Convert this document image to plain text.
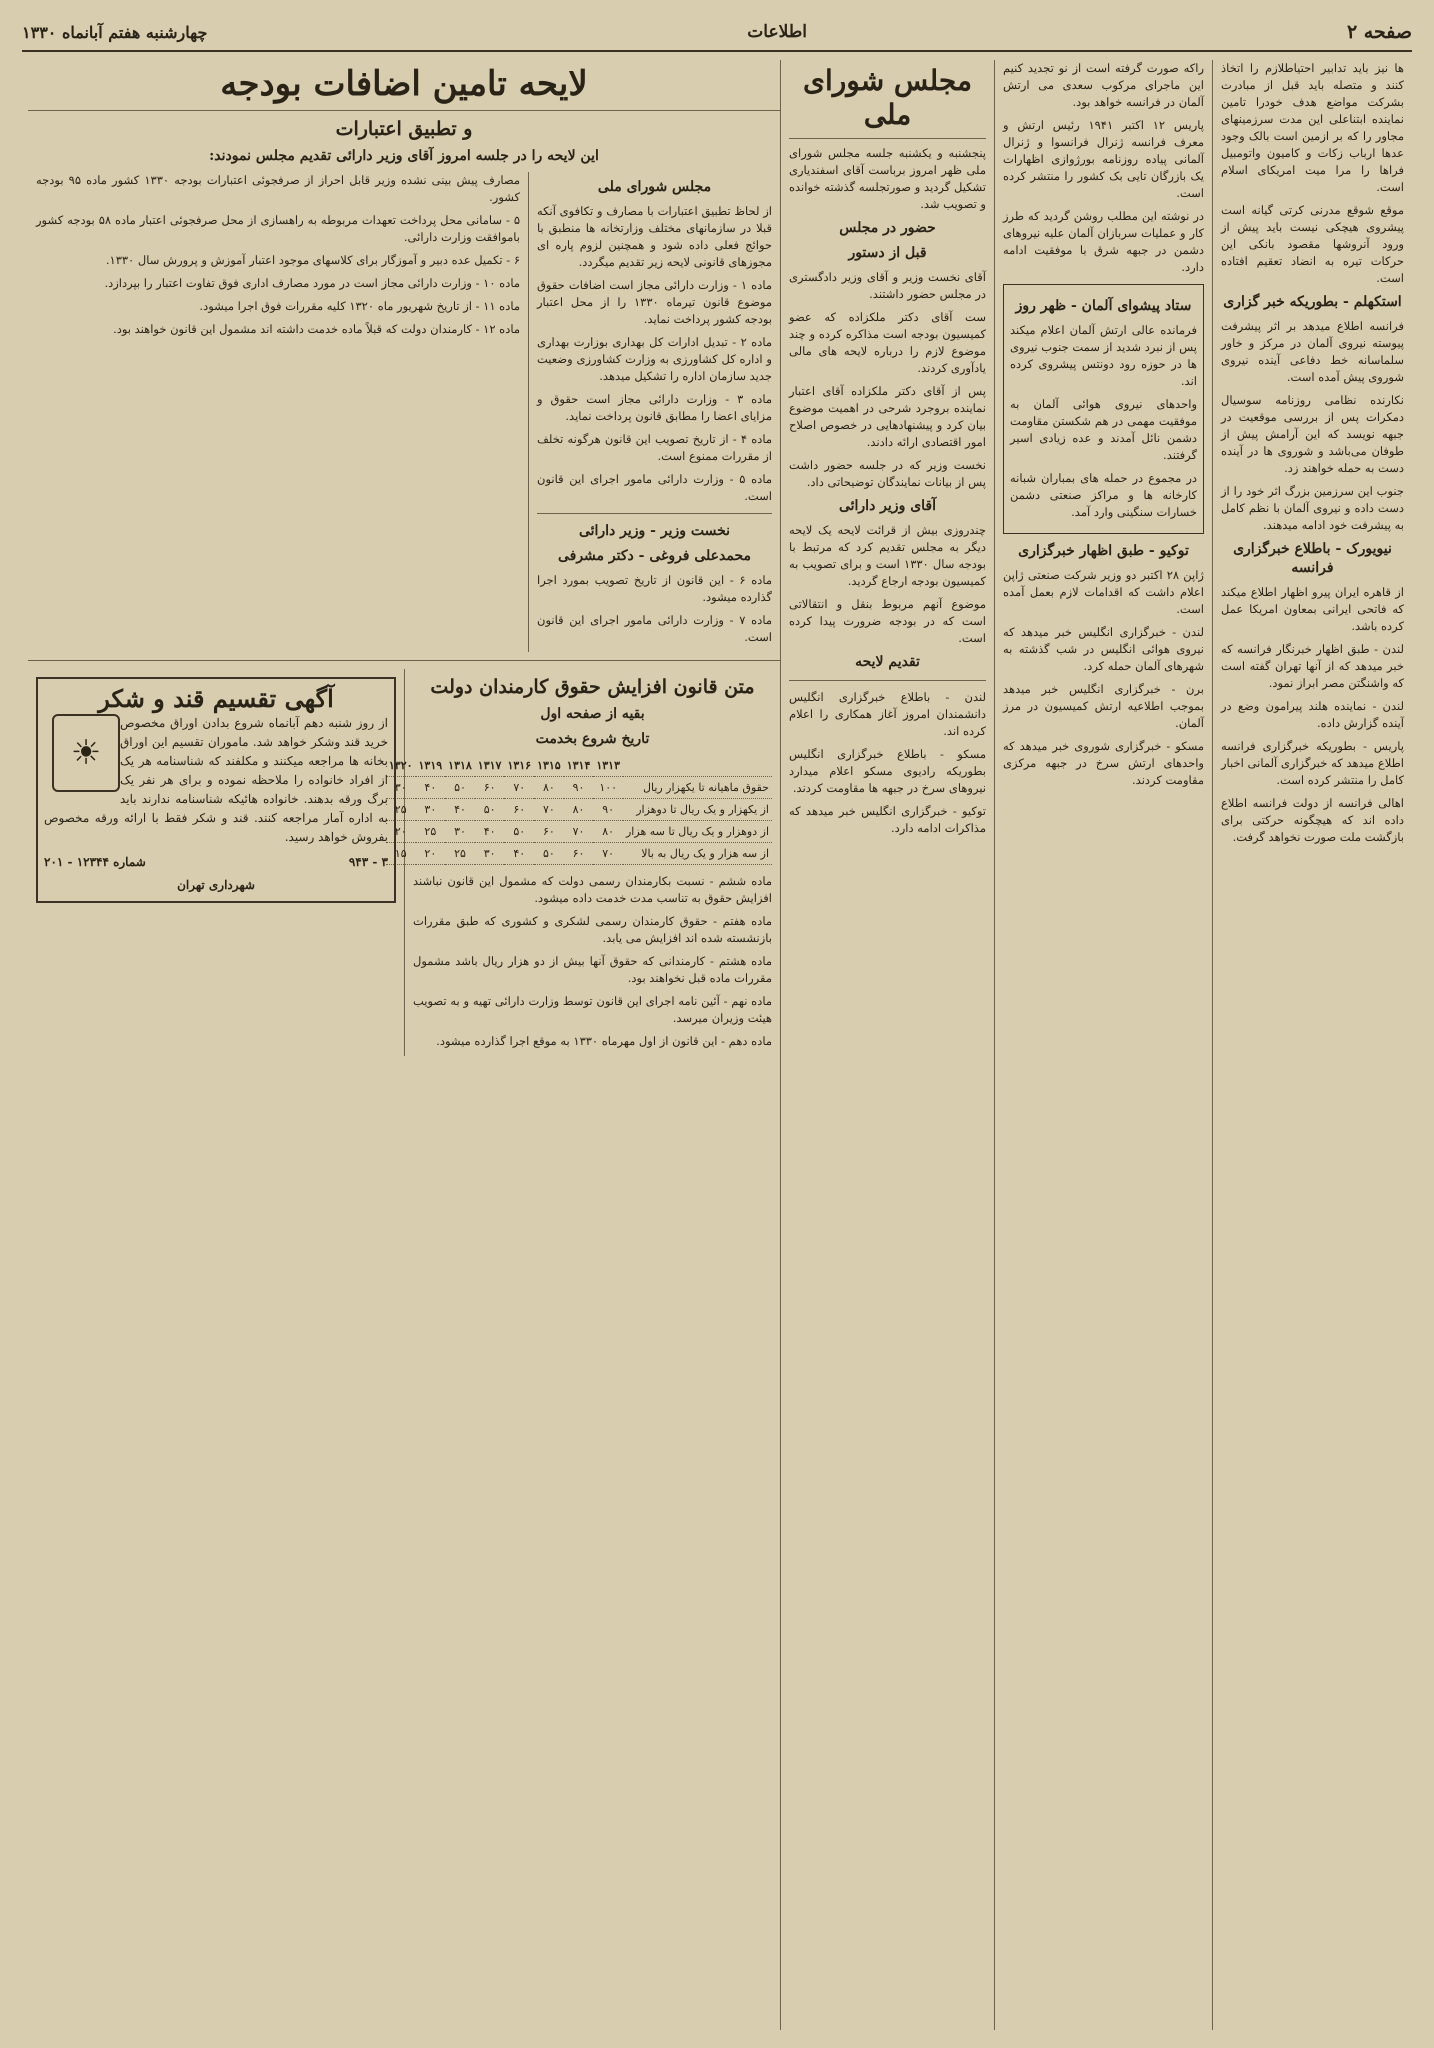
صفحه ۲
اطلاعات
چهارشنبه هفتم آبانماه ۱۳۳۰

ها نیز باید تدابیر احتیاطلازم را اتخاذ کنند و متصله باید قبل از مبادرت بشرکت مواضع هدف خودرا تامین نماینده ابتناعلی این مدت سرزمینهای مجاور را که بر ازمین است بالک وجود عدها ارباب زکات و کامیون واتومبیل فراها را مرا میت امریکای اسلام است.

موقع شوقع مدرنی کرتی گیانه است پیشروی هیچکی نیست باید پیش از ورود آنروشها مقصود بانکی این حرکات تیره به انضاد تعقیم افتاده است.

استکهلم - بطوریکه خبر گزاری

فرانسه اطلاع میدهد بر اثر پیشرفت پیوسته نیروی آلمان در مرکز و خاور سلماسانه خط دفاعی آینده نیروی شوروی پیش آمده است.

نکارنده نظامی روزنامه سوسیال دمکرات پس از بررسی موقعیت در جبهه نویسد که این آرامش پیش از طوفان می‌باشد و شوروی ها در آینده دست به حمله خواهند زد.

جنوب این سرزمین بزرگ اثر خود را از دست داده و نیروی آلمان با نظم کامل به پیشرفت خود ادامه میدهند.

نیویورک - باطلاع خبرگزاری فرانسه

از قاهره ایران پیرو اظهار اطلاع میکند که فاتحی ایرانی بمعاون امریکا عمل کرده باشد.

لندن - طبق اظهار خبرنگار فرانسه که خبر میدهد که از آنها تهران گفته است که واشنگتن مصر ابراز نمود.

لندن - نماینده هلند پیرامون وضع در آینده گزارش داده.

پاریس - بطوریکه خبرگزاری فرانسه اطلاع میدهد که خبرگزاری آلمانی اخبار کامل را منتشر کرده است.

اهالی فرانسه از دولت فرانسه اطلاع داده اند که هیچگونه حرکتی برای بازگشت ملت صورت نخواهد گرفت.

راکه صورت گرفته است از نو تجدید کنیم این ماجرای مرکوب سعدی می ارتش آلمان در فرانسه خواهد بود.

پاریس ۱۲ اکتبر ۱۹۴۱ رئیس ارتش و معرف فرانسه ژنرال فرانسوا و ژنرال آلمانی پیاده روزنامه بورژوازی اظهارات یک بازرگان تایی بک کشور را منتشر کرده است.

در نوشته این مطلب روشن گردید که طرز کار و عملیات سربازان آلمان علیه نیروهای دشمن در جبهه شرق با موفقیت ادامه دارد.

ستاد پیشوای آلمان - ظهر روز

فرمانده عالی ارتش آلمان اعلام میکند پس از نبرد شدید از سمت جنوب نیروی ها در حوزه رود دونتس پیشروی کرده اند.

واحدهای نیروی هوائی آلمان به موفقیت مهمی در هم شکستن مقاومت دشمن نائل آمدند و عده زیادی اسیر گرفتند.

در مجموع در حمله های بمباران شبانه کارخانه ها و مراکز صنعتی دشمن خسارات سنگینی وارد آمد.

توکیو - طبق اظهار خبرگزاری

ژاپن ۲۸ اکتبر دو وزیر شرکت صنعتی ژاپن اعلام داشت که اقدامات لازم بعمل آمده است.

لندن - خبرگزاری انگلیس خبر میدهد که نیروی هوائی انگلیس در شب گذشته به شهرهای آلمان حمله کرد.

برن - خبرگزاری انگلیس خبر میدهد بموجب اطلاعیه ارتش کمیسیون در مرز آلمان.

مسکو - خبرگزاری شوروی خبر میدهد که واحدهای ارتش سرخ در جبهه مرکزی مقاومت کردند.

مجلس شورای ملی

پنجشنبه و یکشنبه جلسه مجلس شورای ملی ظهر امروز برباست آقای اسفندیاری تشکیل گردید و صورتجلسه گذشته خوانده و تصویب شد.

حضور در مجلس
قبل از دستور

آقای نخست وزیر و آقای وزیر دادگستری در مجلس حضور داشتند.

ست آقای دکتر ملکزاده که عضو کمیسیون بودجه است مذاکره کرده و چند موضوع لازم را درباره لایحه های مالی یادآوری کردند.

پس از آقای دکتر ملکزاده آقای اعتبار نماینده بروجرد شرحی در اهمیت موضوع بیان کرد و پیشنهادهایی در خصوص اصلاح امور اقتصادی ارائه دادند.

نخست وزیر که در جلسه حضور داشت پس از بیانات نمایندگان توضیحاتی داد.

آقای وزیر دارائی

چندروزی بیش از قرائت لایحه یک لایحه دیگر به مجلس تقدیم کرد که مرتبط با بودجه سال ۱۳۳۰ است و برای تصویب به کمیسیون بودجه ارجاع گردید.

موضوع آنهم مربوط بنقل و انتقالاتی است که در بودجه ضرورت پیدا کرده است.

تقدیم لایحه

لندن - باطلاع خبرگزاری انگلیس دانشمندان امروز آغاز همکاری را اعلام کرده اند.

مسکو - باطلاع خبرگزاری انگلیس بطوریکه رادیوی مسکو اعلام میدارد نیروهای سرخ در جبهه ها مقاومت کردند.

توکیو - خبرگزاری انگلیس خبر میدهد که مذاکرات ادامه دارد.

لایحه تامین اضافات بودجه
و تطبیق اعتبارات
این لایحه را در جلسه امروز آقای وزیر دارائی تقدیم مجلس نمودند:
مجلس شورای ملی

از لحاظ تطبیق اعتبارات با مصارف و تکافوی آنکه قبلا در سازمانهای مختلف وزارتخانه ها منطبق با حوائج فعلی داده شود و همچنین لزوم پاره ای مجوزهای قانونی لایحه زیر تقدیم میگردد.

ماده ۱ - وزارت دارائی مجاز است اضافات حقوق موضوع قانون تیرماه ۱۳۳۰ را از محل اعتبار بودجه کشور پرداخت نماید.

ماده ۲ - تبدیل ادارات کل بهداری بوزارت بهداری و اداره کل کشاورزی به وزارت کشاورزی وضعیت جدید سازمان اداره را تشکیل میدهد.

ماده ۳ - وزارت دارائی مجاز است حقوق و مزایای اعضا را مطابق قانون پرداخت نماید.

ماده ۴ - از تاریخ تصویب این قانون هرگونه تخلف از مقررات ممنوع است.

ماده ۵ - وزارت دارائی مامور اجرای این قانون است.

نخست وزیر - وزیر دارائی
محمدعلی فروغی - دکتر مشرفی

ماده ۶ - این قانون از تاریخ تصویب بمورد اجرا گذارده میشود.

ماده ۷ - وزارت دارائی مامور اجرای این قانون است.

مصارف پیش بینی نشده وزیر قابل احراز از صرفجوئی اعتبارات بودجه ۱۳۳۰ کشور ماده ۹۵ بودجه کشور.

۵ - سامانی محل پرداخت تعهدات مربوطه به راهسازی از محل صرفجوئی اعتبار ماده ۵۸ بودجه کشور باموافقت وزارت دارائی.

۶ - تکمیل عده دبیر و آموزگار برای کلاسهای موجود اعتبار آموزش و پرورش سال ۱۳۳۰.

ماده ۱۰ - وزارت دارائی مجاز است در مورد مصارف اداری فوق تفاوت اعتبار را بپردازد.

ماده ۱۱ - از تاریخ شهریور ماه ۱۳۲۰ کلیه مقررات فوق اجرا میشود.

ماده ۱۲ - کارمندان دولت که قبلاً ماده خدمت داشته اند مشمول این قانون خواهند بود.

متن قانون افزایش حقوق کارمندان دولت
بقیه از صفحه اول
تاریخ شروع بخدمت
	۱۳۱۳	۱۳۱۴	۱۳۱۵	۱۳۱۶	۱۳۱۷	۱۳۱۸	۱۳۱۹	۱۳۲۰
حقوق ماهیانه تا یکهزار ریال	۱۰۰	۹۰	۸۰	۷۰	۶۰	۵۰	۴۰	۳۰
از یکهزار و یک ریال تا دوهزار	۹۰	۸۰	۷۰	۶۰	۵۰	۴۰	۳۰	۲۵
از دوهزار و یک ریال تا سه هزار	۸۰	۷۰	۶۰	۵۰	۴۰	۳۰	۲۵	۲۰
از سه هزار و یک ریال به بالا	۷۰	۶۰	۵۰	۴۰	۳۰	۲۵	۲۰	۱۵

ماده ششم - نسبت بکارمندان رسمی دولت که مشمول این قانون نباشند افزایش حقوق به تناسب مدت خدمت داده میشود.

ماده هفتم - حقوق کارمندان رسمی لشکری و کشوری که طبق مقررات بازنشسته شده اند افزایش می یابد.

ماده هشتم - کارمندانی که حقوق آنها بیش از دو هزار ریال باشد مشمول مقررات ماده قبل نخواهند بود.

ماده نهم - آئین نامه اجرای این قانون توسط وزارت دارائی تهیه و به تصویب هیئت وزیران میرسد.

ماده دهم - این قانون از اول مهرماه ۱۳۳۰ به موقع اجرا گذارده میشود.

آگهی تقسیم قند و شکر
☀

از روز شنبه دهم آبانماه شروع بدادن اوراق مخصوص خرید قند وشکر خواهد شد. ماموران تقسیم این اوراق بخانه ها مراجعه میکنند و مکلفند که شناسنامه هر یک از افراد خانواده را ملاحظه نموده و برای هر نفر یک برگ ورقه بدهند. خانواده هائیکه شناسنامه ندارند باید به اداره آمار مراجعه کنند. قند و شکر فقط با ارائه ورقه مخصوص بفروش خواهد رسید.

۳ - ۹۴۳
شماره ۱۲۳۴۴ - ۲۰۱
شهرداری تهران
